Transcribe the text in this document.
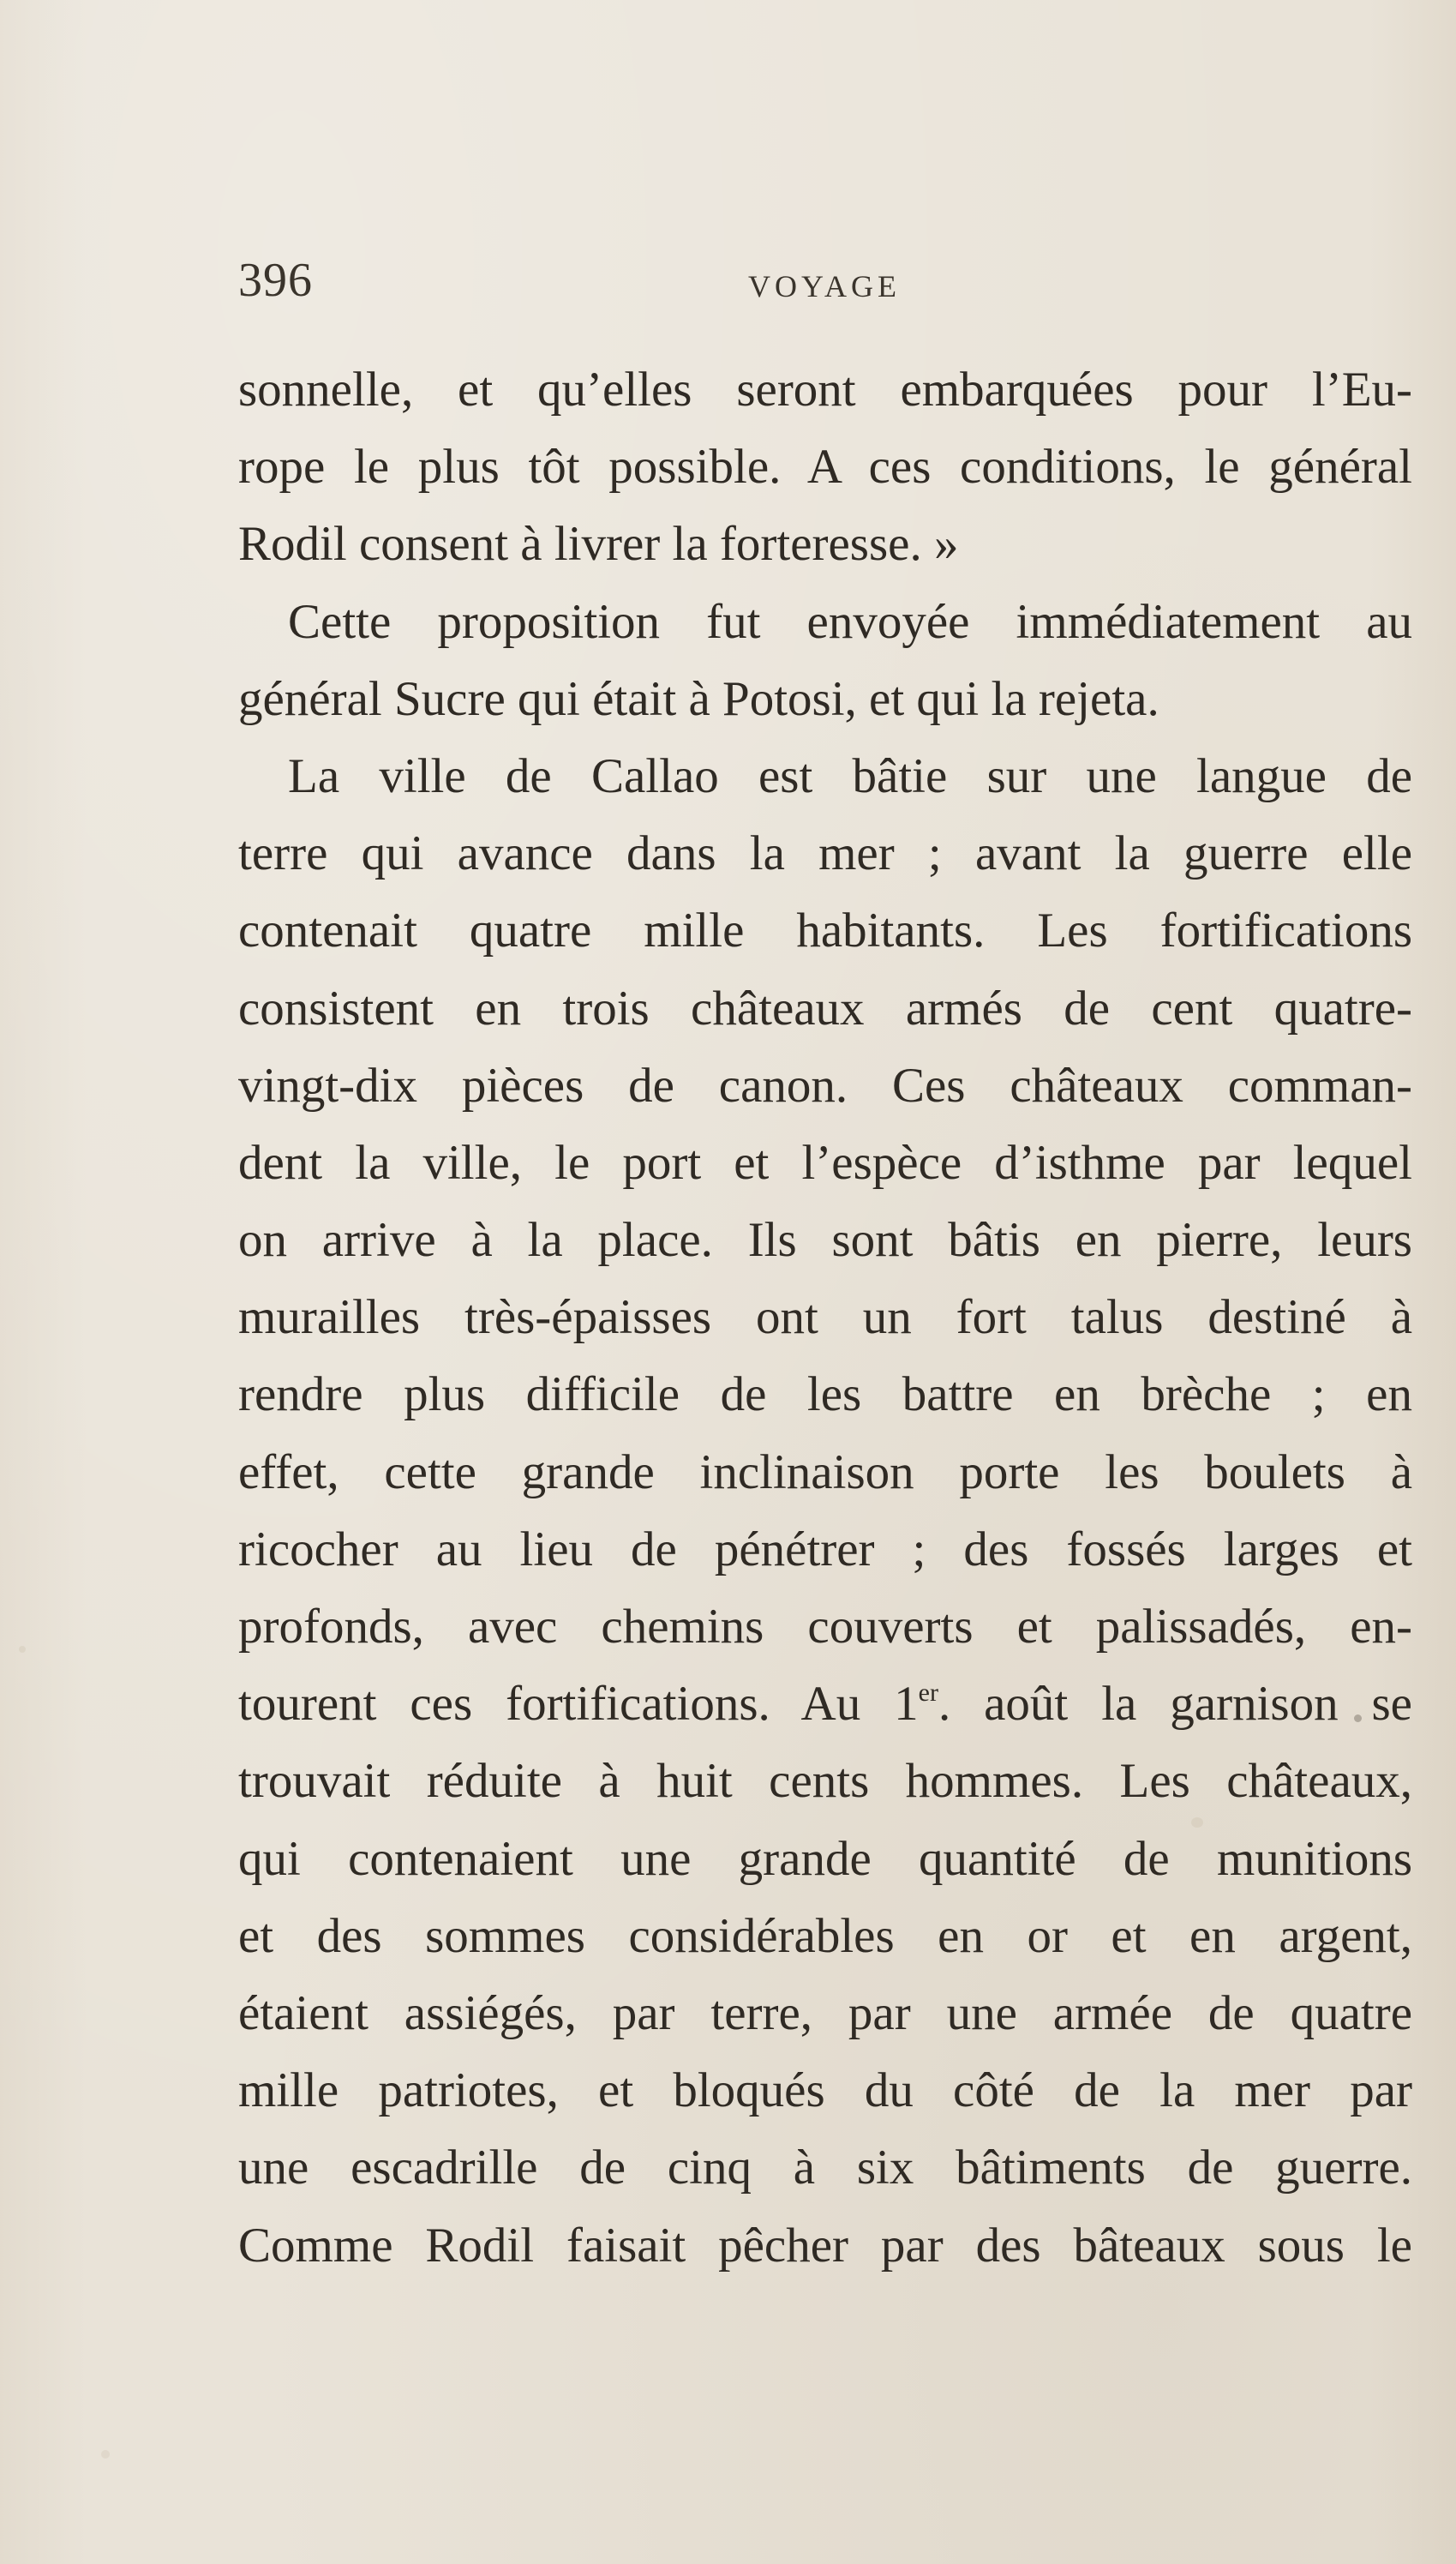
396	VOYAGE
sonnelle, et qu’elles seront embarquées pour l’Eu-
rope le plus tôt possible. A ces conditions, le général
Rodil consent à livrer la forteresse. »
Cette proposition fut envoyée immédiatement au
général Sucre qui était à Potosi, et qui la rejeta.
La ville de Callao est bâtie sur une langue de
terre qui avance dans la mer ; avant la guerre elle
contenait quatre mille habitants. Les fortifications
consistent en trois châteaux armés de cent quatre-
vingt-dix pièces de canon. Ces châteaux comman-
dent la ville, le port et l’espèce d’isthme par lequel
on arrive à la place. Ils sont bâtis en pierre, leurs
murailles très-épaisses ont un fort talus destiné à
rendre plus difficile de les battre en brèche ; en
effet, cette grande inclinaison porte les boulets à
ricocher au lieu de pénétrer ; des fossés larges et
profonds, avec chemins couverts et palissadés, en-
tourent ces fortifications. Au 1er. août la garnison se
trouvait réduite à huit cents hommes. Les châteaux,
qui contenaient une grande quantité de munitions
et des sommes considérables en or et en argent,
étaient assiégés, par terre, par une armée de quatre
mille patriotes, et bloqués du côté de la mer par
une escadrille de cinq à six bâtiments de guerre.
Comme Rodil faisait pêcher par des bâteaux sous le
